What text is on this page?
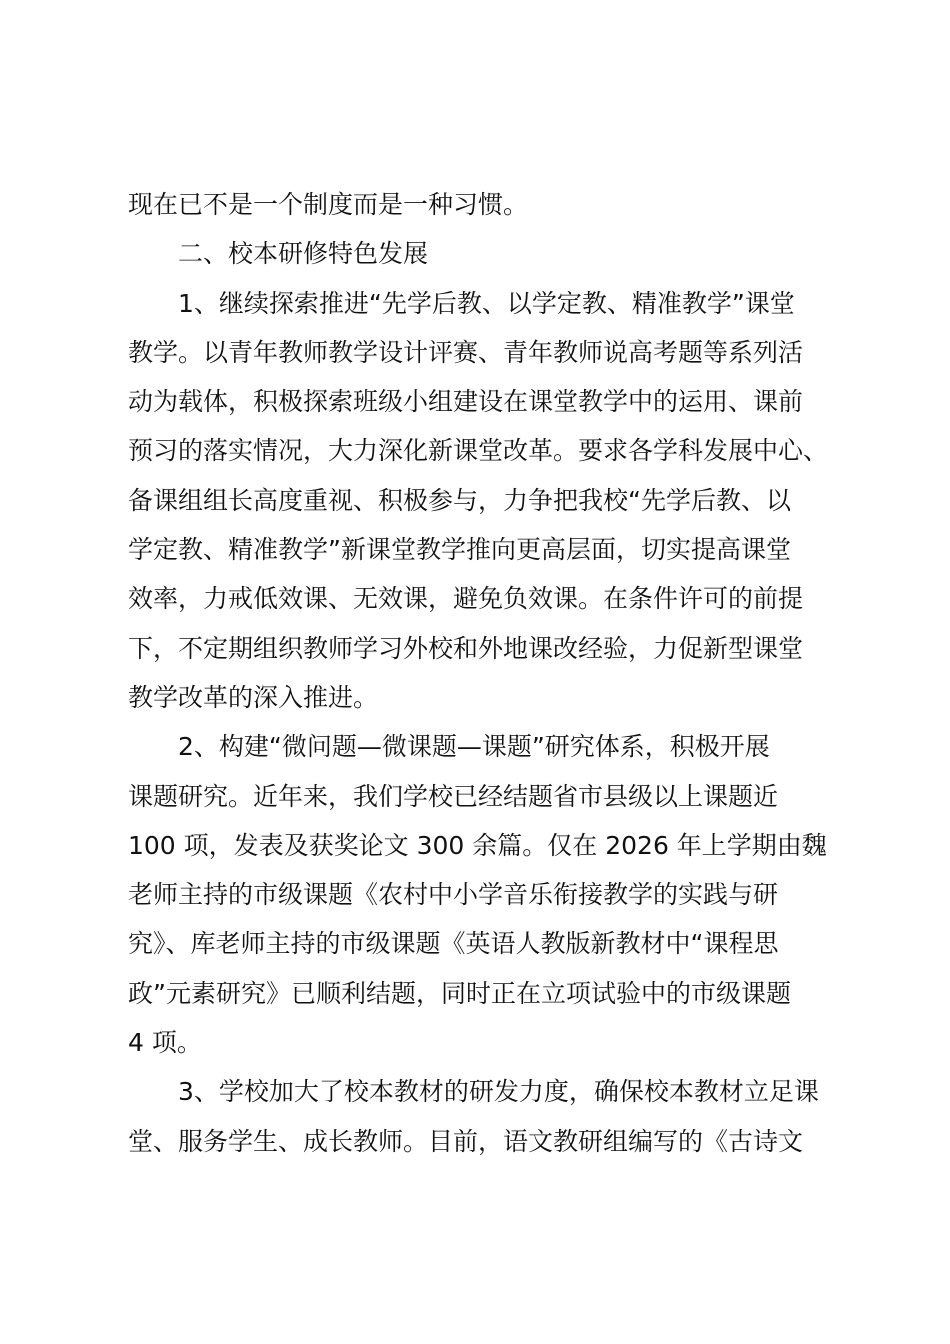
现在已不是一个制度而是一种习惯。
二、校本研修特色发展
1、继续探索推进“先学后教、以学定教、精准教学”课堂
教学。以青年教师教学设计评赛、青年教师说高考题等系列活
动为载体，积极探索班级小组建设在课堂教学中的运用、课前
预习的落实情况，大力深化新课堂改革。要求各学科发展中心、
备课组组长高度重视、积极参与，力争把我校“先学后教、以
学定教、精准教学”新课堂教学推向更高层面，切实提高课堂
效率，力戒低效课、无效课，避免负效课。在条件许可的前提
下，不定期组织教师学习外校和外地课改经验，力促新型课堂
教学改革的深入推进。
2、构建“微问题—微课题—课题”研究体系，积极开展
课题研究。近年来，我们学校已经结题省市县级以上课题近
100 项，发表及获奖论文 300 余篇。仅在 2026 年上学期由魏
老师主持的市级课题《农村中小学音乐衔接教学的实践与研
究》、库老师主持的市级课题《英语人教版新教材中“课程思
政”元素研究》已顺利结题，同时正在立项试验中的市级课题
4 项。
3、学校加大了校本教材的研发力度，确保校本教材立足课
堂、服务学生、成长教师。目前，语文教研组编写的《古诗文
